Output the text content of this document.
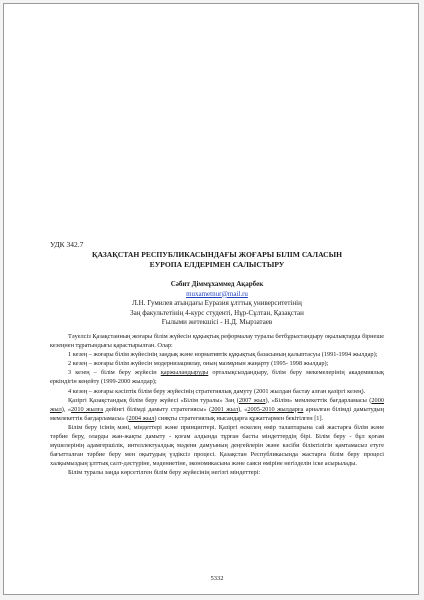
УДК 342.7
ҚАЗАҚСТАН РЕСПУБЛИКАСЫНДАҒЫ ЖОҒАРЫ БІЛІМ САЛАСЫН
ЕУРОПА ЕЛДЕРІМЕН САЛЫСТЫРУ
Сәбит Діммұхаммед Ақарбек
muxametnur@mail.ru
Л.Н. Гумилев атындағы Еуразия ұлттық университетінің
Заң факультетінің 4-курс студенті, Нұр-Сұлтан, Қазақстан
Ғылыми жетекшісі - Н.Д. Мырзатаев

Тәуелсіз Қазақстанның жоғары білім жүйесін құқықтық реформалау туралы бетбұрыстандыру оқылықтарда бірнеше кезеңнен тұратындығы қарастырылған. Олар:

1 кезең – жоғары білім жүйесінің заңдық және нормативтік құқықтық базасының қалыптасуы (1991-1994 жылдар);

2 кезең – жоғары білім жүйесін модернизациялау, оның мазмұнын жаңарту (1995- 1998 жылдар);

3 кезең – білім беру жүйесін қаржыландыруды орталықсыздандыру, білім беру мекемелерінің академиялық еркіндігін кеңейту (1999-2000 жылдар);

4 кезең – жоғары кәсіптік білім беру жүйесінің стратегиялық дамуту (2001 жылдан бастау алған қазіргі кезең).

Қазіргі Қазақстандық білім беру жүйесі «Білім туралы» Заң (2007 жыл), «Білім» мемлекеттік бағдарламасы (2000 жыл), «2010 жылға дейінгі білімді дамыту стратегиясы» (2001 жыл), «2005-2010 жылдарға арналған білімді дамытудың мемлекеттік бағдарламасы» (2004 жыл) сияқты стратегиялық нысандарға құжаттармен бекітілген [1].

Білім беру ісінің мәні, міндеттері және принциптері. Қазіргі өскелең өмір талаптарына сай жастарға білім және тәрбие беру, оларды жан-жақты дамыту - қоғам алдында тұрған басты міндеттердің бірі. Білім беру - бұл қоғам мүшелерінің адамгершілік, интеллектуалдық мәдени дамуының деңгейлерін және кәсіби біліктілігін қамтамасыз етуге бағытталған тәрбие беру мен оқытудың үздіксіз процесі. Қазақстан Республикасында жастарға білім беру процесі халқымыздың ұлттық салт-дәстүріне, мәдениетіне, экономикасына және саяси өміріне негізделін іске асырылады.

Білім туралы заңда көрсетілген білім беру жүйесінің негізгі міндеттері:

5332
